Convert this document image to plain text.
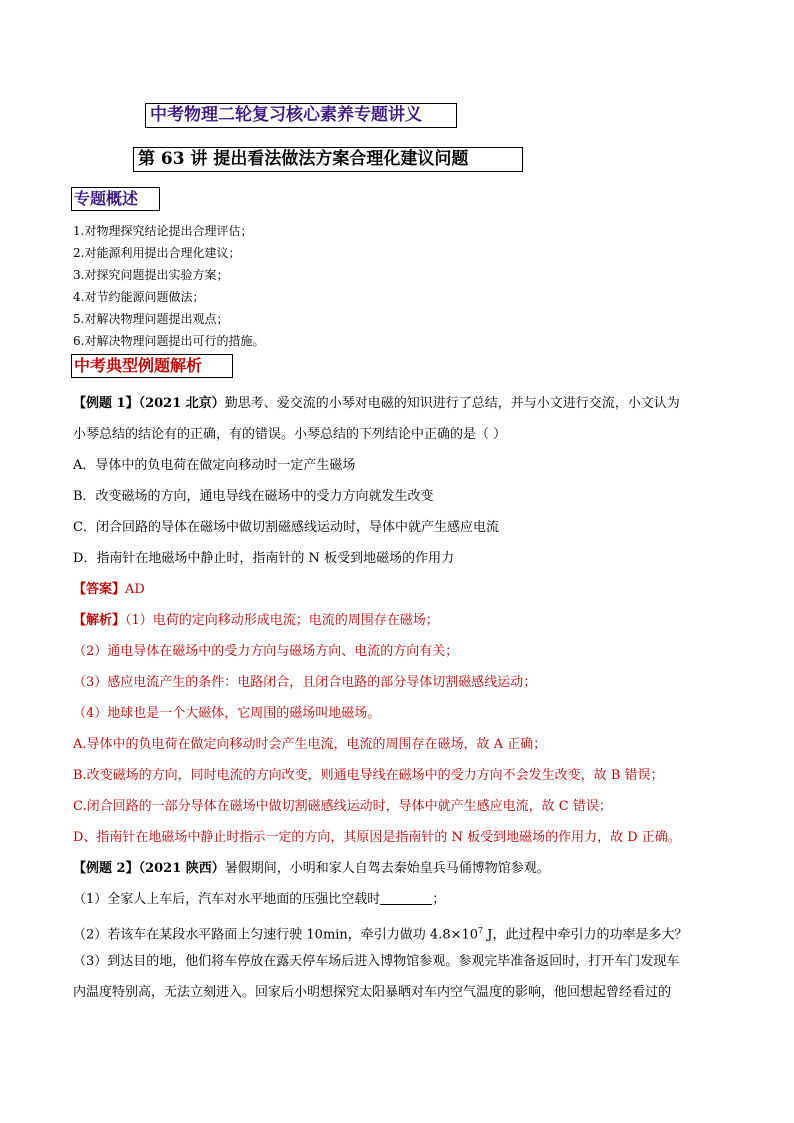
中考物理二轮复习核心素养专题讲义
第 63 讲 提出看法做法方案合理化建议问题
专题概述
1.对物理探究结论提出合理评估；
2.对能源利用提出合理化建议；
3.对探究问题提出实验方案；
4.对节约能源问题做法；
5.对解决物理问题提出观点；
6.对解决物理问题提出可行的措施。
中考典型例题解析
【例题 1】（2021 北京）勤思考、爱交流的小琴对电磁的知识进行了总结，并与小文进行交流，小文认为
小琴总结的结论有的正确，有的错误。小琴总结的下列结论中正确的是（ ）
A．导体中的负电荷在做定向移动时一定产生磁场
B．改变磁场的方向，通电导线在磁场中的受力方向就发生改变
C．闭合回路的导体在磁场中做切割磁感线运动时，导体中就产生感应电流
D．指南针在地磁场中静止时，指南针的 N 板受到地磁场的作用力
【答案】AD
【解析】（1）电荷的定向移动形成电流；电流的周围存在磁场；
（2）通电导体在磁场中的受力方向与磁场方向、电流的方向有关；
（3）感应电流产生的条件：电路闭合，且闭合电路的部分导体切割磁感线运动；
（4）地球也是一个大磁体，它周围的磁场叫地磁场。
A.导体中的负电荷在做定向移动时会产生电流，电流的周围存在磁场，故 A 正确；
B.改变磁场的方向，同时电流的方向改变，则通电导线在磁场中的受力方向不会发生改变，故 B 错误；
C.闭合回路的一部分导体在磁场中做切割磁感线运动时，导体中就产生感应电流，故 C 错误；
D、指南针在地磁场中静止时指示一定的方向，其原因是指南针的 N 板受到地磁场的作用力，故 D 正确。
【例题 2】（2021 陕西）暑假期间，小明和家人自驾去秦始皇兵马俑博物馆参观。
（1）全家人上车后，汽车对水平地面的压强比空载时	；
（2）若该车在某段水平路面上匀速行驶 10min，牵引力做功 $4.8\times 10^7$ J，此过程中牵引力的功率是多大？
（3）到达目的地，他们将车停放在露天停车场后进入博物馆参观。参观完毕准备返回时，打开车门发现车
内温度特别高，无法立刻进入。回家后小明想探究太阳暴晒对车内空气温度的影响，他回想起曾经看过的
